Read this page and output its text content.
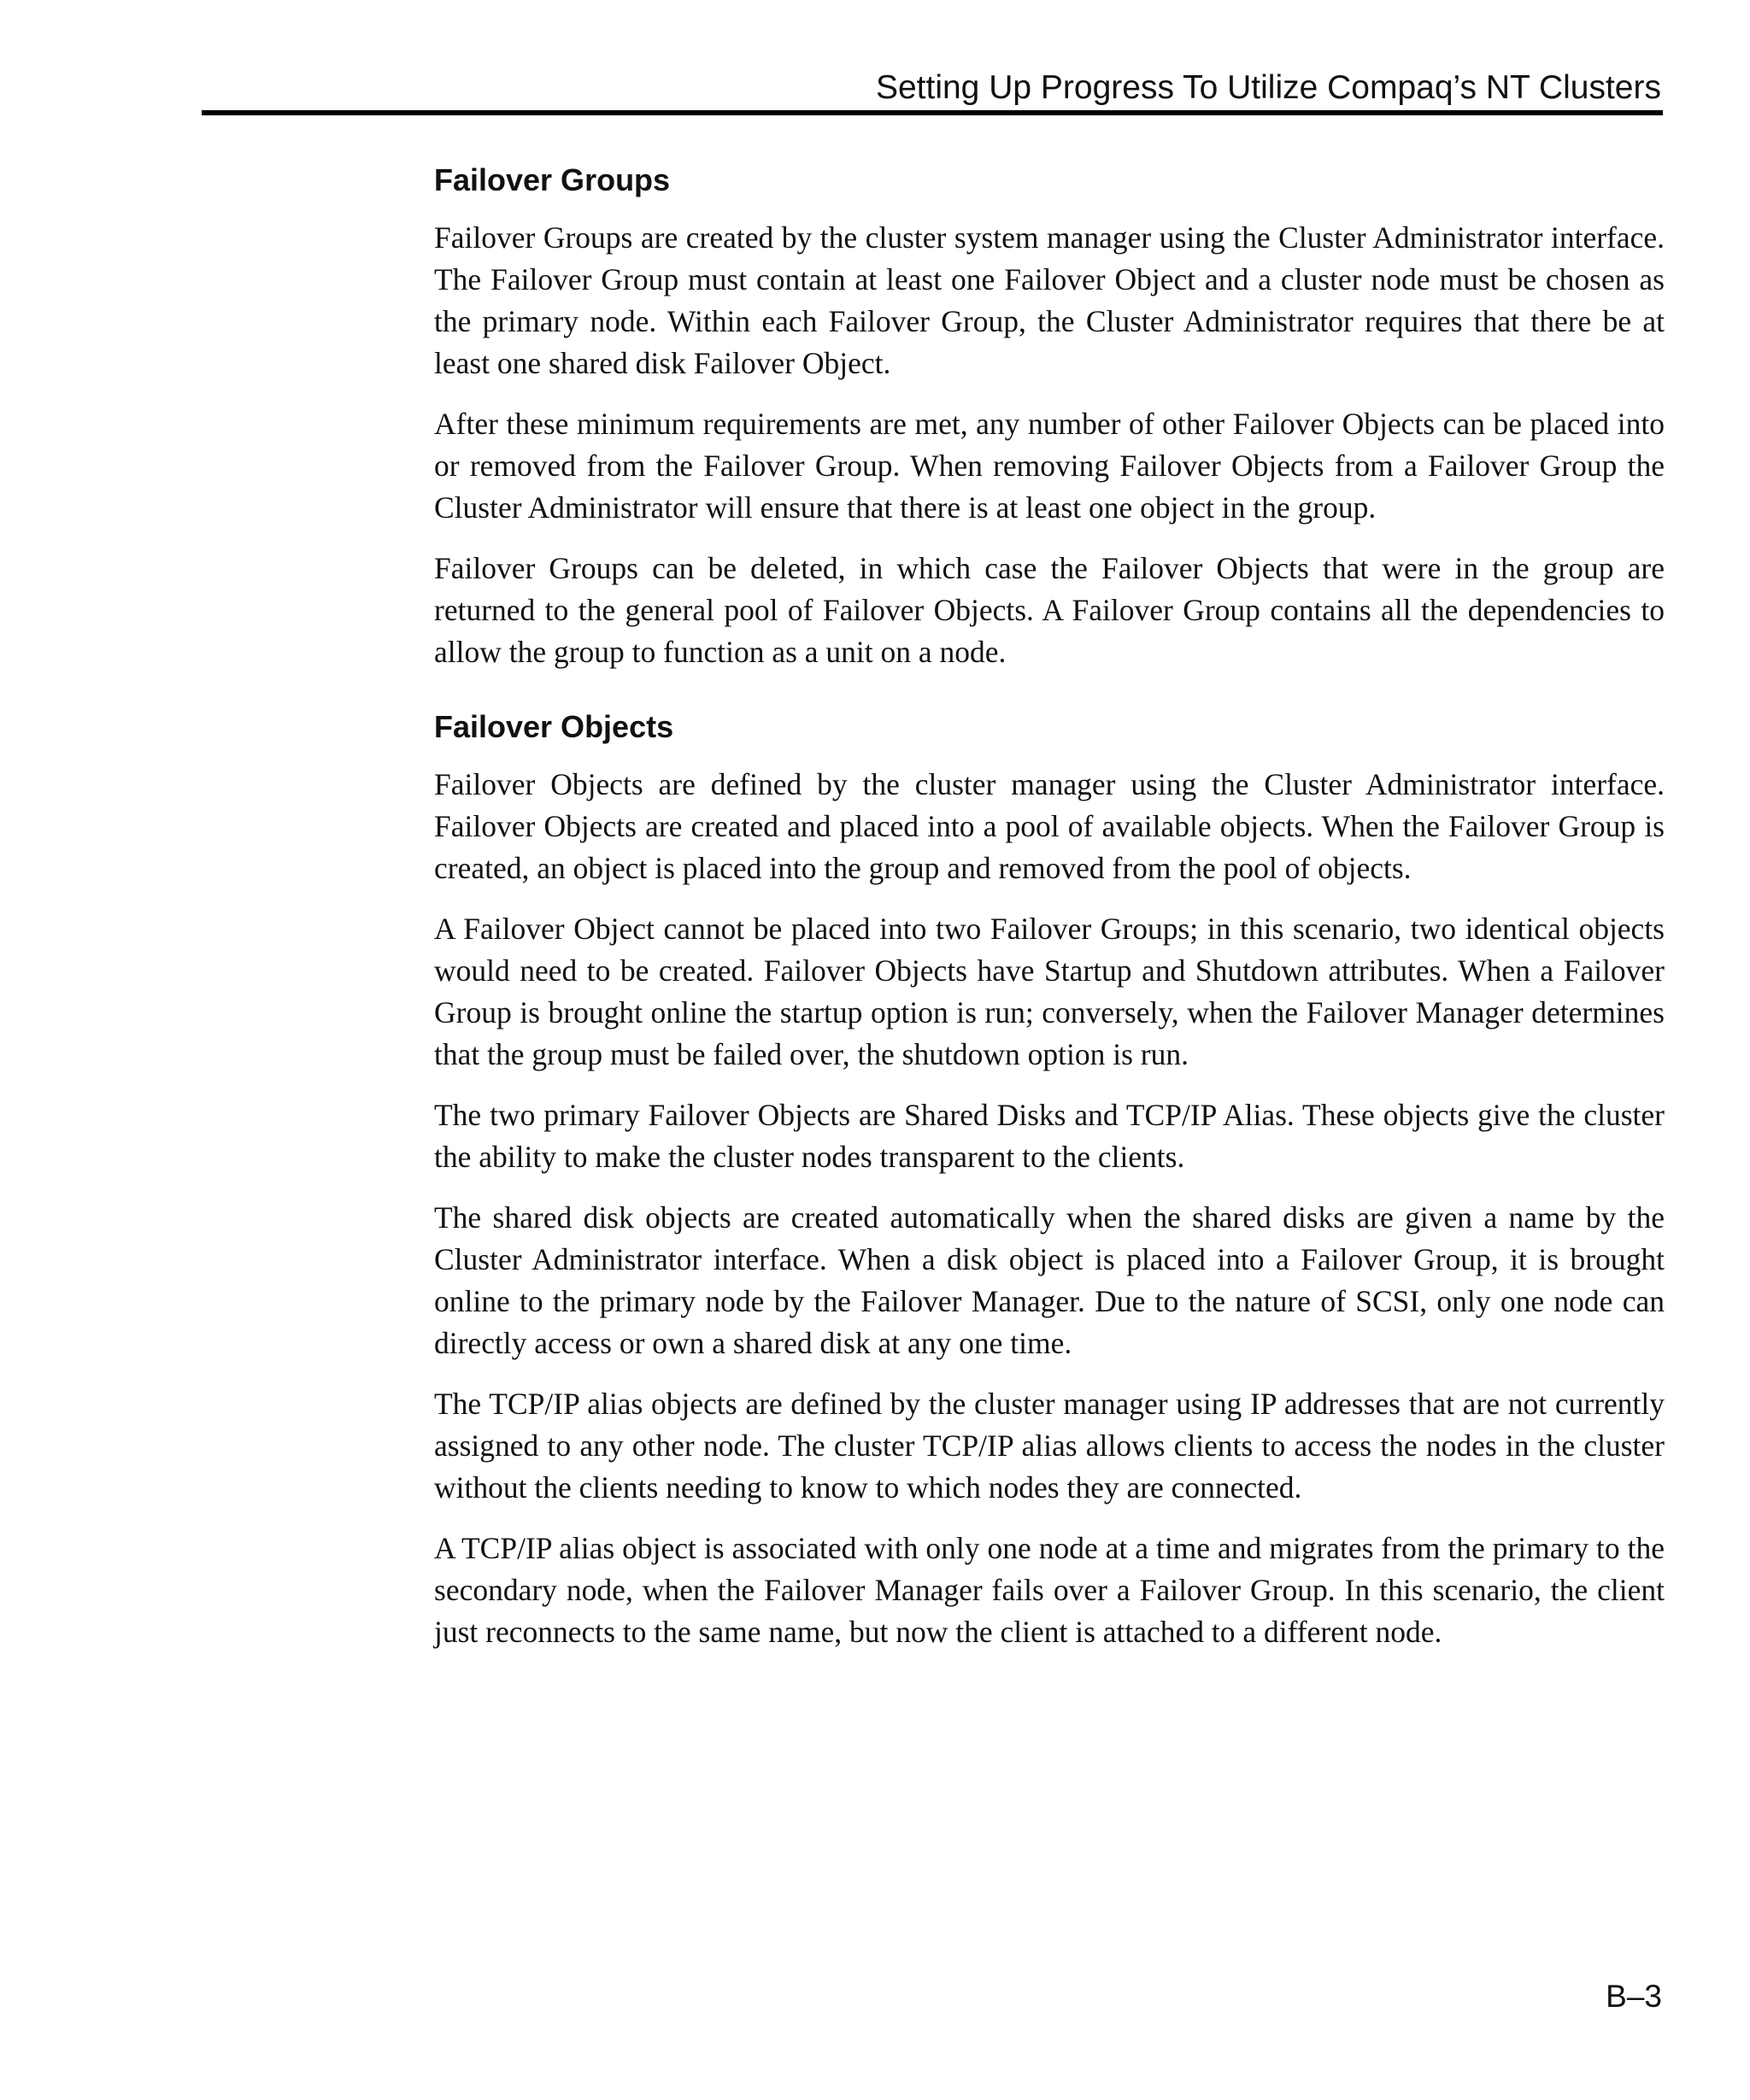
Setting Up Progress To Utilize Compaq’s NT Clusters
Failover Groups

Failover Groups are created by the cluster system manager using the Cluster Administrator interface. The Failover Group must contain at least one Failover Object and a cluster node must be chosen as the primary node. Within each Failover Group, the Cluster Administrator requires that there be at least one shared disk Failover Object.

After these minimum requirements are met, any number of other Failover Objects can be placed into or removed from the Failover Group. When removing Failover Objects from a Failover Group the Cluster Administrator will ensure that there is at least one object in the group.

Failover Groups can be deleted, in which case the Failover Objects that were in the group are returned to the general pool of Failover Objects. A Failover Group contains all the dependencies to allow the group to function as a unit on a node.

Failover Objects

Failover Objects are defined by the cluster manager using the Cluster Administrator interface. Failover Objects are created and placed into a pool of available objects. When the Failover Group is created, an object is placed into the group and removed from the pool of objects.

A Failover Object cannot be placed into two Failover Groups; in this scenario, two identical objects would need to be created. Failover Objects have Startup and Shutdown attributes. When a Failover Group is brought online the startup option is run; conversely, when the Failover Manager determines that the group must be failed over, the shutdown option is run.

The two primary Failover Objects are Shared Disks and TCP/IP Alias. These objects give the cluster the ability to make the cluster nodes transparent to the clients.

The shared disk objects are created automatically when the shared disks are given a name by the Cluster Administrator interface. When a disk object is placed into a Failover Group, it is brought online to the primary node by the Failover Manager. Due to the nature of SCSI, only one node can directly access or own a shared disk at any one time.

The TCP/IP alias objects are defined by the cluster manager using IP addresses that are not currently assigned to any other node. The cluster TCP/IP alias allows clients to access the nodes in the cluster without the clients needing to know to which nodes they are connected.

A TCP/IP alias object is associated with only one node at a time and migrates from the primary to the secondary node, when the Failover Manager fails over a Failover Group. In this scenario, the client just reconnects to the same name, but now the client is attached to a different node.

B–3
